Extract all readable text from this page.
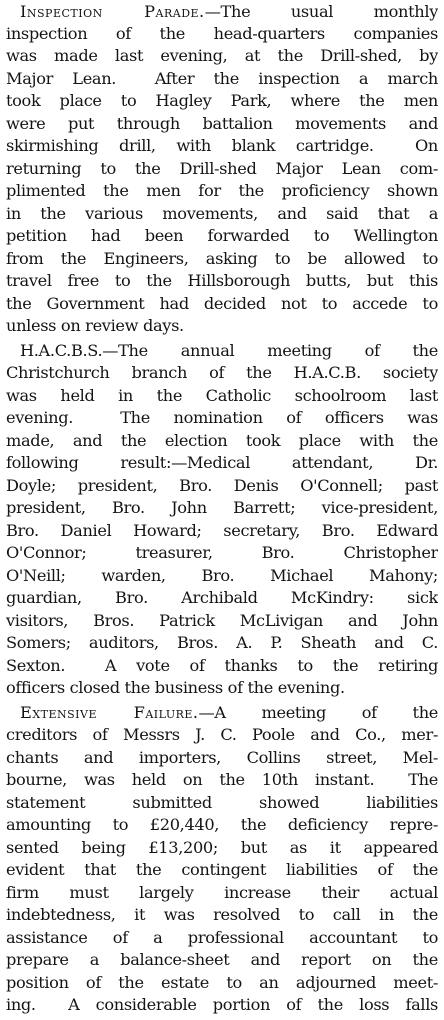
Inspection Parade.—The usual monthly
inspection of the head-quarters companies
was made last evening, at the Drill-shed, by
Major Lean.  After the inspection a march
took place to Hagley Park, where the men
were put through battalion movements and
skirmishing drill, with blank cartridge.  On
returning to the Drill-shed Major Lean com-
plimented the men for the proficiency shown
in the various movements, and said that a
petition had been forwarded to Wellington
from the Engineers, asking to be allowed to
travel free to the Hillsborough butts, but this
the Government had decided not to accede to
unless on review days.
H.A.C.B.S.—The annual meeting of the
Christchurch branch of the H.A.C.B. society
was held in the Catholic schoolroom last
evening.  The nomination of officers was
made, and the election took place with the
following result:—Medical attendant, Dr.
Doyle; president, Bro. Denis O'Connell; past
president, Bro. John Barrett; vice-president,
Bro. Daniel Howard; secretary, Bro. Edward
O'Connor;  treasurer,  Bro.  Christopher
O'Neill;  warden,  Bro.  Michael  Mahony;
guardian, Bro. Archibald McKindry: sick
visitors, Bros. Patrick McLivigan and John
Somers; auditors, Bros. A. P. Sheath and C.
Sexton.  A vote of thanks to the retiring
officers closed the business of the evening.
Extensive Failure.—A meeting of the
creditors of Messrs J. C. Poole and Co., mer-
chants and importers, Collins street, Mel-
bourne, was held on the 10th instant.  The
statement  submitted  showed  liabilities
amounting to £20,440, the deficiency repre-
sented being £13,200; but as it appeared
evident that the contingent liabilities of the
firm  must  largely  increase  their  actual
indebtedness, it was resolved to call in the
assistance of a professional accountant to
prepare a balance-sheet and report on the
position of the estate to an adjourned meet-
ing.  A considerable portion of the loss falls
